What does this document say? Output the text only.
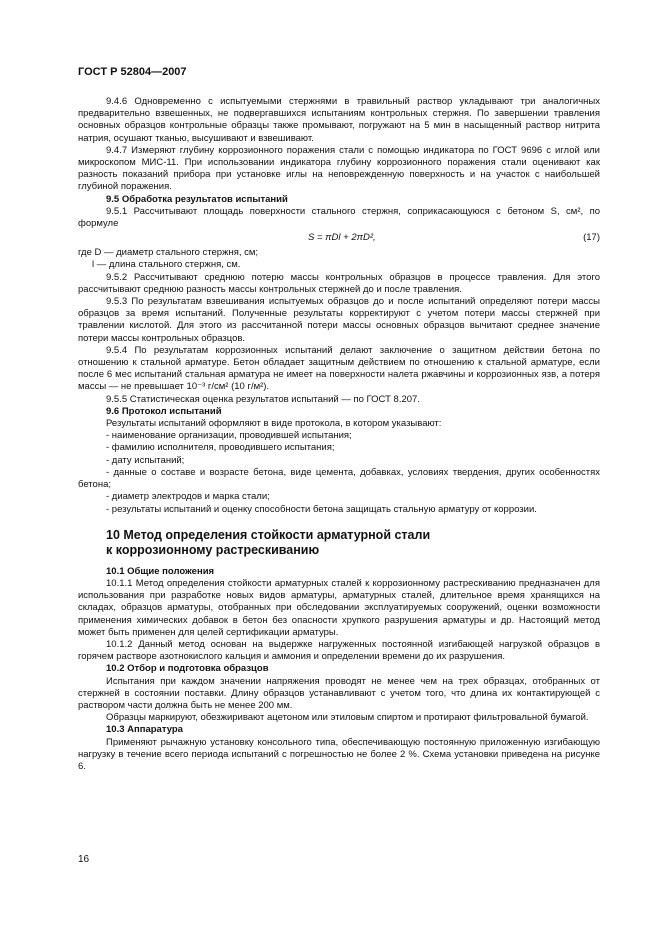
ГОСТ Р 52804—2007

9.4.6 Одновременно с испытуемыми стержнями в травильный раствор укладывают три аналогичных предварительно взвешенных, не подвергавшихся испытаниям контрольных стержня. По завершении травления основных образцов контрольные образцы также промывают, погружают на 5 мин в насыщенный раствор нитрита натрия, осушают тканью, высушивают и взвешивают.

9.4.7 Измеряют глубину коррозионного поражения стали с помощью индикатора по ГОСТ 9696 с иглой или микроскопом МИС-11. При использовании индикатора глубину коррозионного поражения стали оценивают как разность показаний прибора при установке иглы на неповрежденную поверхность и на участок с наибольшей глубиной поражения.

9.5 Обработка результатов испытаний

9.5.1 Рассчитывают площадь поверхности стального стержня, соприкасающуюся с бетоном S, см², по формуле

S = πDl + 2πD²,	(17)

где D — диаметр стального стержня, см;

l — длина стального стержня, см.

9.5.2 Рассчитывают среднюю потерю массы контрольных образцов в процессе травления. Для этого рассчитывают среднюю разность массы контрольных стержней до и после травления.

9.5.3 По результатам взвешивания испытуемых образцов до и после испытаний определяют потери массы образцов за время испытаний. Полученные результаты корректируют с учетом потери массы стержней при травлении кислотой. Для этого из рассчитанной потери массы основных образцов вычитают среднее значение потери массы контрольных образцов.

9.5.4 По результатам коррозионных испытаний делают заключение о защитном действии бетона по отношению к стальной арматуре. Бетон обладает защитным действием по отношению к стальной арматуре, если после 6 мес испытаний стальная арматура не имеет на поверхности налета ржавчины и коррозионных язв, а потеря массы — не превышает 10⁻³ г/см² (10 г/м²).

9.5.5 Статистическая оценка результатов испытаний — по ГОСТ 8.207.

9.6 Протокол испытаний

Результаты испытаний оформляют в виде протокола, в котором указывают:

- наименование организации, проводившей испытания;

- фамилию исполнителя, проводившего испытания;

- дату испытаний;

- данные о составе и возрасте бетона, виде цемента, добавках, условиях твердения, других особенностях бетона;

- диаметр электродов и марка стали;

- результаты испытаний и оценку способности бетона защищать стальную арматуру от коррозии.

10 Метод определения стойкости арматурной стали
к коррозионному растрескиванию

10.1 Общие положения

10.1.1 Метод определения стойкости арматурных сталей к коррозионному растрескиванию предназначен для использования при разработке новых видов арматуры, арматурных сталей, длительное время хранящихся на складах, образцов арматуры, отобранных при обследовании эксплуатируемых сооружений, оценки возможности применения химических добавок в бетон без опасности хрупкого разрушения арматуры и др. Настоящий метод может быть применен для целей сертификации арматуры.

10.1.2 Данный метод основан на выдержке нагруженных постоянной изгибающей нагрузкой образцов в горячем растворе азотнокислого кальция и аммония и определении времени до их разрушения.

10.2 Отбор и подготовка образцов

Испытания при каждом значении напряжения проводят не менее чем на трех образцах, отобранных от стержней в состоянии поставки. Длину образцов устанавливают с учетом того, что длина их контактирующей с раствором части должна быть не менее 200 мм.

Образцы маркируют, обезжиривают ацетоном или этиловым спиртом и протирают фильтровальной бумагой.

10.3 Аппаратура

Применяют рычажную установку консольного типа, обеспечивающую постоянную приложенную изгибающую нагрузку в течение всего периода испытаний с погрешностью не более 2 %. Схема установки приведена на рисунке 6.

16
